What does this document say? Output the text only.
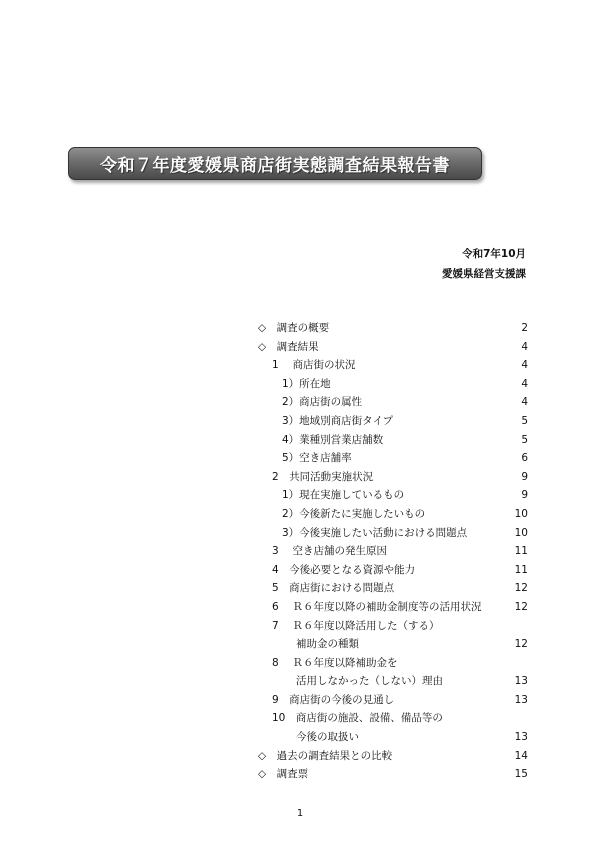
令和７年度愛媛県商店街実態調査結果報告書
令和7年10月
愛媛県経営支援課
◇　調査の概要	2
◇　調査結果	4
1　 商店街の状況	4
1）所在地	4
2）商店街の属性	4
3）地域別商店街タイプ	5
4）業種別営業店舗数	5
5）空き店舗率	6
2　共同活動実施状況	9
1）現在実施しているもの	9
2）今後新たに実施したいもの	10
3）今後実施したい活動における問題点	10
3　 空き店舗の発生原因	11
4　今後必要となる資源や能力	11
5　商店街における問題点	12
6　 Ｒ６年度以降の補助金制度等の活用状況	12
7　 Ｒ６年度以降活用した（する）
補助金の種類	12
8　 Ｒ６年度以降補助金を
活用しなかった（しない）理由	13
9　商店街の今後の見通し	13
10　商店街の施設、設備、備品等の
今後の取扱い	13
◇　過去の調査結果との比較	14
◇　調査票	15
1
